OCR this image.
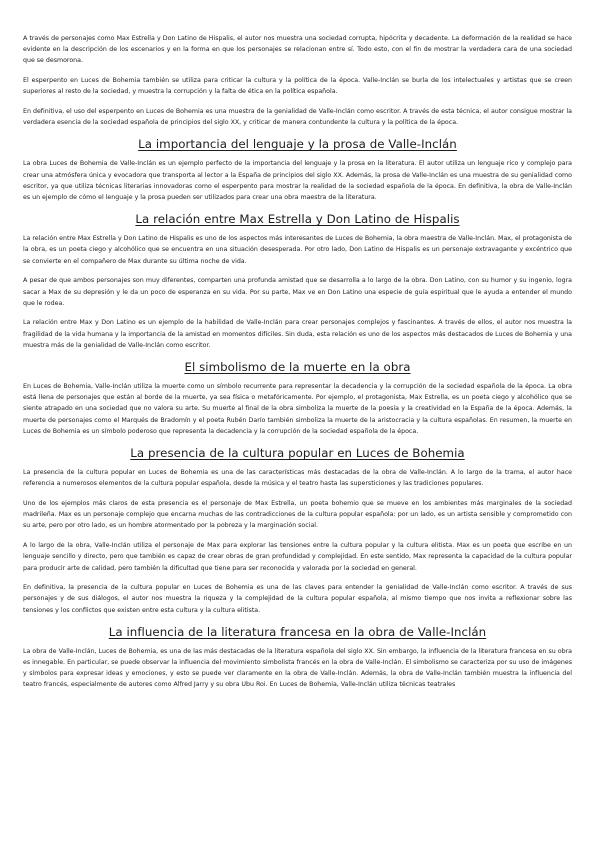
A través de personajes como Max Estrella y Don Latino de Hispalis, el autor nos muestra una sociedad corrupta, hipócrita y decadente. La deformación de la realidad se hace evidente en la descripción de los escenarios y en la forma en que los personajes se relacionan entre sí. Todo esto, con el fin de mostrar la verdadera cara de una sociedad que se desmorona.

El esperpento en Luces de Bohemia también se utiliza para criticar la cultura y la política de la época. Valle-Inclán se burla de los intelectuales y artistas que se creen superiores al resto de la sociedad, y muestra la corrupción y la falta de ética en la política española.

En definitiva, el uso del esperpento en Luces de Bohemia es una muestra de la genialidad de Valle-Inclán como escritor. A través de esta técnica, el autor consigue mostrar la verdadera esencia de la sociedad española de principios del siglo XX, y criticar de manera contundente la cultura y la política de la época.

La importancia del lenguaje y la prosa de Valle-Inclán

La obra Luces de Bohemia de Valle-Inclán es un ejemplo perfecto de la importancia del lenguaje y la prosa en la literatura. El autor utiliza un lenguaje rico y complejo para crear una atmósfera única y evocadora que transporta al lector a la España de principios del siglo XX. Además, la prosa de Valle-Inclán es una muestra de su genialidad como escritor, ya que utiliza técnicas literarias innovadoras como el esperpento para mostrar la realidad de la sociedad española de la época. En definitiva, la obra de Valle-Inclán es un ejemplo de cómo el lenguaje y la prosa pueden ser utilizados para crear una obra maestra de la literatura.

La relación entre Max Estrella y Don Latino de Hispalis

La relación entre Max Estrella y Don Latino de Hispalis es uno de los aspectos más interesantes de Luces de Bohemia, la obra maestra de Valle-Inclán. Max, el protagonista de la obra, es un poeta ciego y alcohólico que se encuentra en una situación desesperada. Por otro lado, Don Latino de Hispalis es un personaje extravagante y excéntrico que se convierte en el compañero de Max durante su última noche de vida.

A pesar de que ambos personajes son muy diferentes, comparten una profunda amistad que se desarrolla a lo largo de la obra. Don Latino, con su humor y su ingenio, logra sacar a Max de su depresión y le da un poco de esperanza en su vida. Por su parte, Max ve en Don Latino una especie de guía espiritual que le ayuda a entender el mundo que le rodea.

La relación entre Max y Don Latino es un ejemplo de la habilidad de Valle-Inclán para crear personajes complejos y fascinantes. A través de ellos, el autor nos muestra la fragilidad de la vida humana y la importancia de la amistad en momentos difíciles. Sin duda, esta relación es uno de los aspectos más destacados de Luces de Bohemia y una muestra más de la genialidad de Valle-Inclán como escritor.

El simbolismo de la muerte en la obra

En Luces de Bohemia, Valle-Inclán utiliza la muerte como un símbolo recurrente para representar la decadencia y la corrupción de la sociedad española de la época. La obra está llena de personajes que están al borde de la muerte, ya sea física o metafóricamente. Por ejemplo, el protagonista, Max Estrella, es un poeta ciego y alcohólico que se siente atrapado en una sociedad que no valora su arte. Su muerte al final de la obra simboliza la muerte de la poesía y la creatividad en la España de la época. Además, la muerte de personajes como el Marqués de Bradomín y el poeta Rubén Darío también simboliza la muerte de la aristocracia y la cultura españolas. En resumen, la muerte en Luces de Bohemia es un símbolo poderoso que representa la decadencia y la corrupción de la sociedad española de la época.

La presencia de la cultura popular en Luces de Bohemia

La presencia de la cultura popular en Luces de Bohemia es una de las características más destacadas de la obra de Valle-Inclán. A lo largo de la trama, el autor hace referencia a numerosos elementos de la cultura popular española, desde la música y el teatro hasta las supersticiones y las tradiciones populares.

Uno de los ejemplos más claros de esta presencia es el personaje de Max Estrella, un poeta bohemio que se mueve en los ambientes más marginales de la sociedad madrileña. Max es un personaje complejo que encarna muchas de las contradicciones de la cultura popular española: por un lado, es un artista sensible y comprometido con su arte, pero por otro lado, es un hombre atormentado por la pobreza y la marginación social.

A lo largo de la obra, Valle-Inclán utiliza el personaje de Max para explorar las tensiones entre la cultura popular y la cultura elitista. Max es un poeta que escribe en un lenguaje sencillo y directo, pero que también es capaz de crear obras de gran profundidad y complejidad. En este sentido, Max representa la capacidad de la cultura popular para producir arte de calidad, pero también la dificultad que tiene para ser reconocida y valorada por la sociedad en general.

En definitiva, la presencia de la cultura popular en Luces de Bohemia es una de las claves para entender la genialidad de Valle-Inclán como escritor. A través de sus personajes y de sus diálogos, el autor nos muestra la riqueza y la complejidad de la cultura popular española, al mismo tiempo que nos invita a reflexionar sobre las tensiones y los conflictos que existen entre esta cultura y la cultura elitista.

La influencia de la literatura francesa en la obra de Valle-Inclán

La obra de Valle-Inclán, Luces de Bohemia, es una de las más destacadas de la literatura española del siglo XX. Sin embargo, la influencia de la literatura francesa en su obra es innegable. En particular, se puede observar la influencia del movimiento simbolista francés en la obra de Valle-Inclán. El simbolismo se caracteriza por su uso de imágenes y símbolos para expresar ideas y emociones, y esto se puede ver claramente en la obra de Valle-Inclán. Además, la obra de Valle-Inclán también muestra la influencia del teatro francés, especialmente de autores como Alfred Jarry y su obra Ubu Roi. En Luces de Bohemia, Valle-Inclán utiliza técnicas teatrales
